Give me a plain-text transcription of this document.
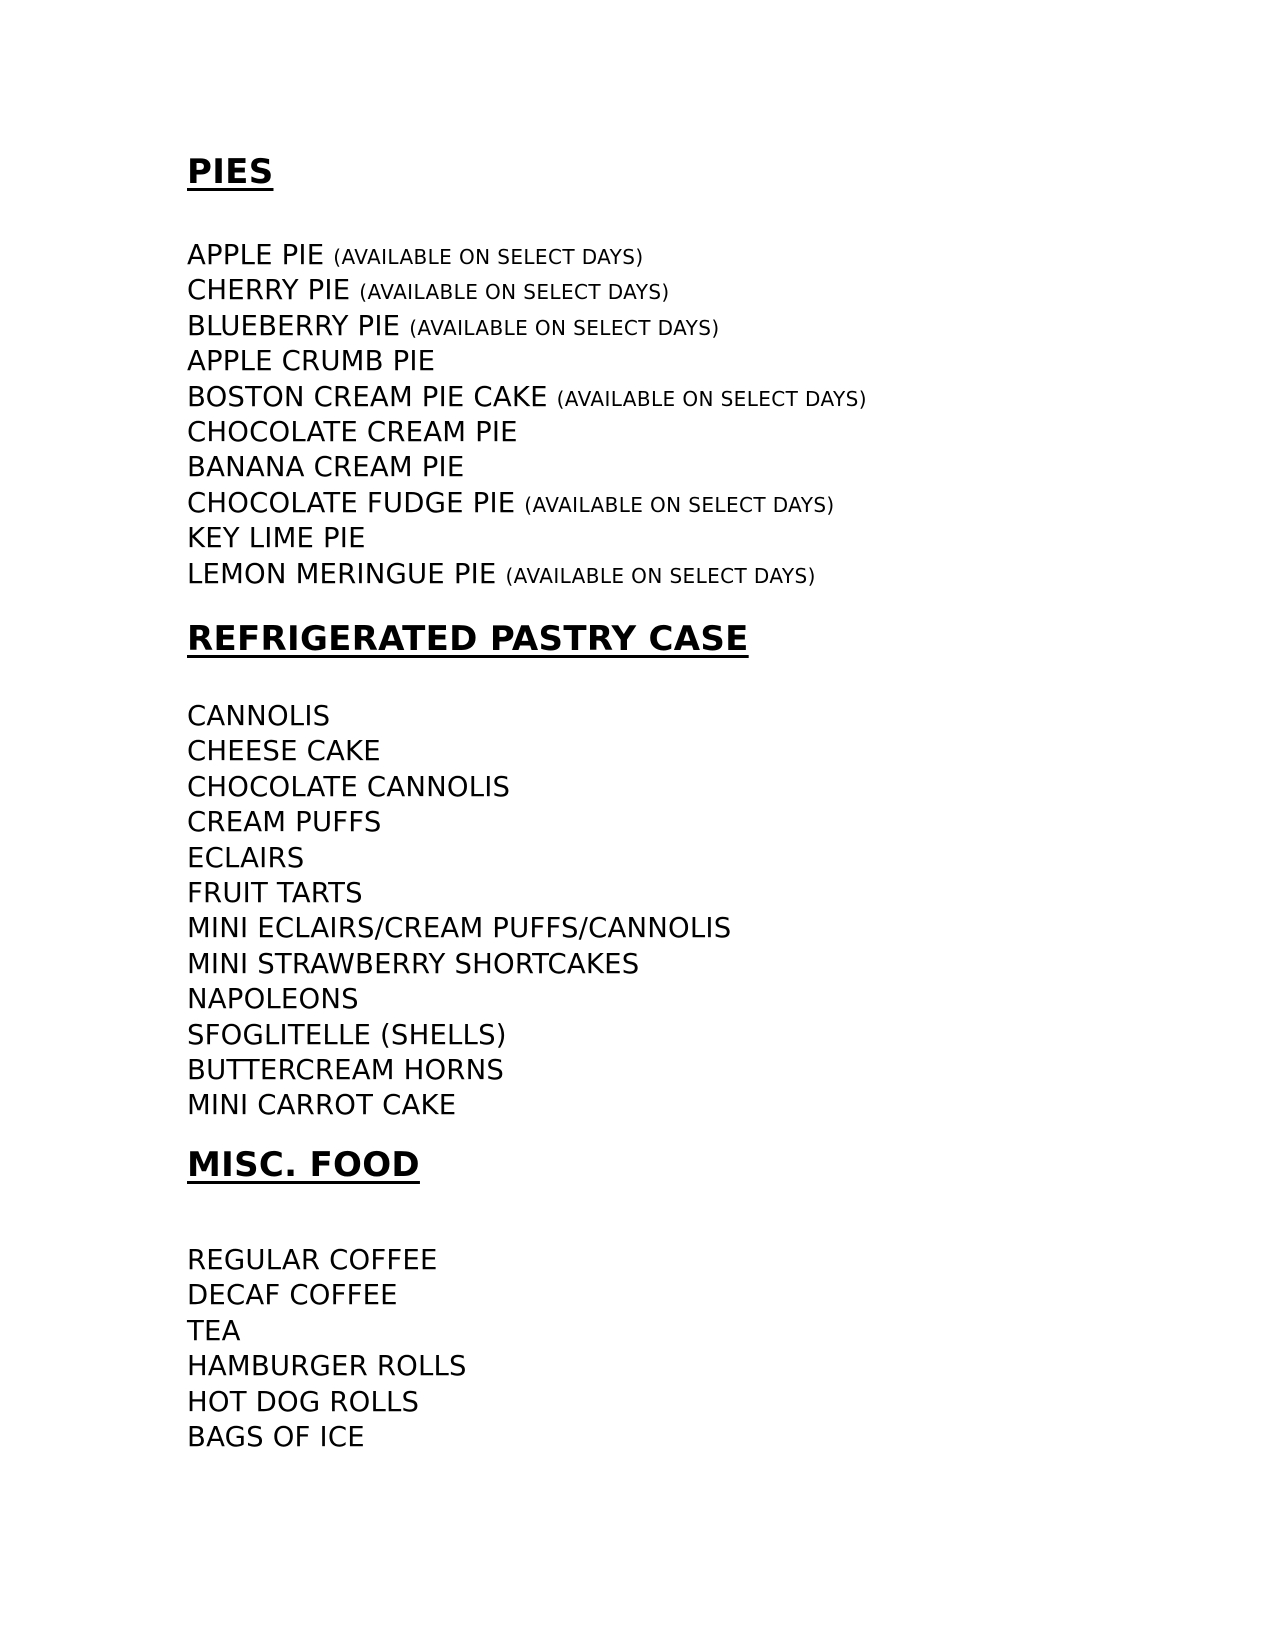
PIES
APPLE PIE (AVAILABLE ON SELECT DAYS)
CHERRY PIE (AVAILABLE ON SELECT DAYS)
BLUEBERRY PIE (AVAILABLE ON SELECT DAYS)
APPLE CRUMB PIE
BOSTON CREAM PIE CAKE (AVAILABLE ON SELECT DAYS)
CHOCOLATE CREAM PIE
BANANA CREAM PIE
CHOCOLATE FUDGE PIE (AVAILABLE ON SELECT DAYS)
KEY LIME PIE
LEMON MERINGUE PIE (AVAILABLE ON SELECT DAYS)
REFRIGERATED PASTRY CASE
CANNOLIS
CHEESE CAKE
CHOCOLATE CANNOLIS
CREAM PUFFS
ECLAIRS
FRUIT TARTS
MINI ECLAIRS/CREAM PUFFS/CANNOLIS
MINI STRAWBERRY SHORTCAKES
NAPOLEONS
SFOGLITELLE (SHELLS)
BUTTERCREAM HORNS
MINI CARROT CAKE
MISC. FOOD
REGULAR COFFEE
DECAF COFFEE
TEA
HAMBURGER ROLLS
HOT DOG ROLLS
BAGS OF ICE
